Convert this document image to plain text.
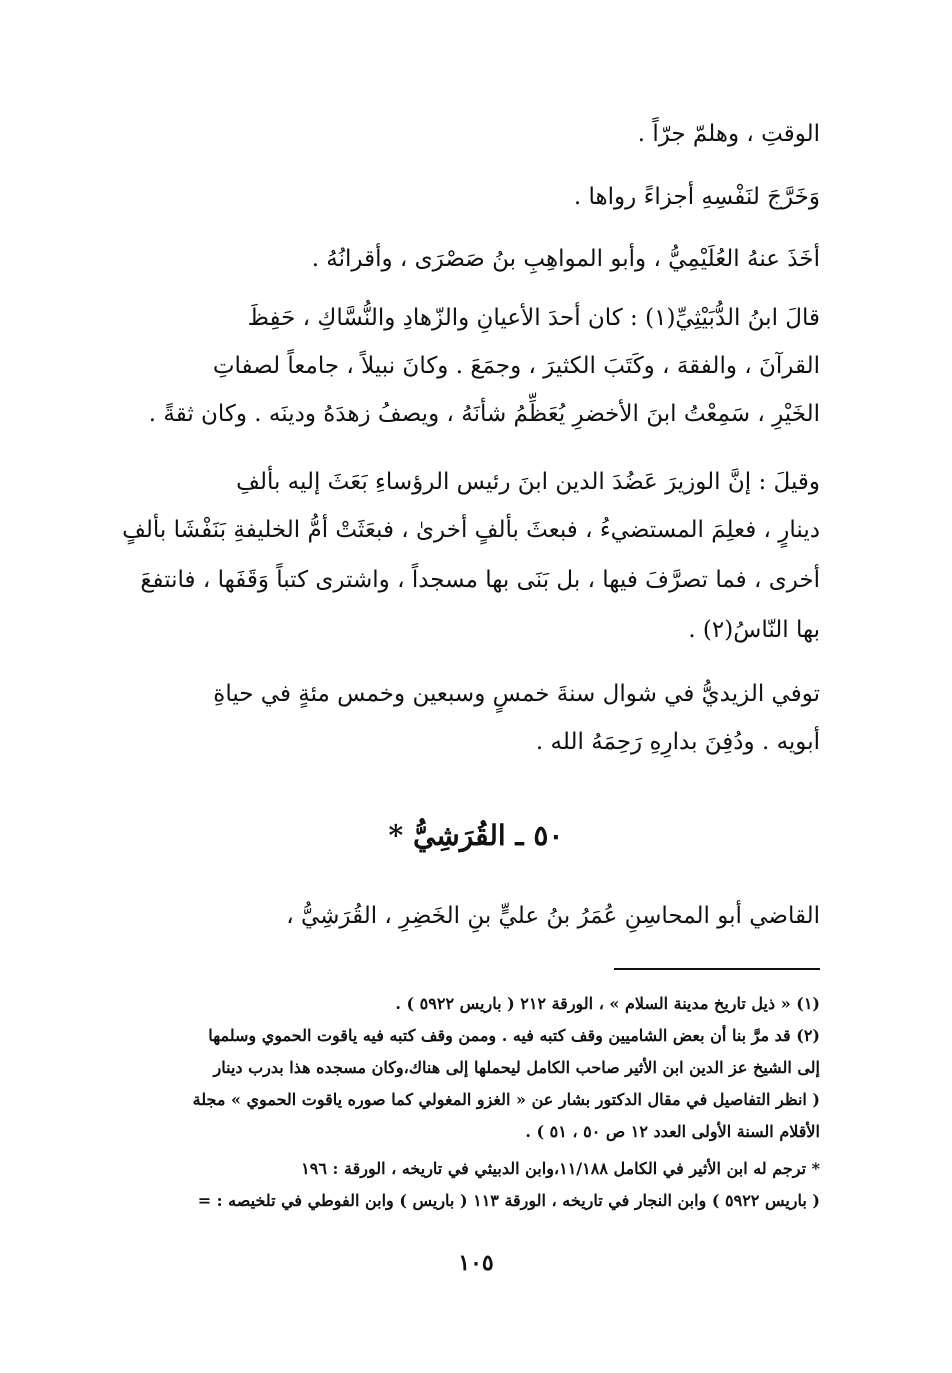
الوقتِ ، وهلمّ جرّاً .
وَخَرَّجَ لنَفْسِهِ أجزاءً رواها .
أخَذَ عنهُ العُلَيْمِيُّ ، وأبو المواهِبِ بنُ صَصْرَى ، وأقرانُهُ .
قالَ ابنُ الدُّبَيْثِيِّ(١) : كان أحدَ الأعيانِ والزّهادِ والنُّسَّاكِ ، حَفِظَ
القرآنَ ، والفقهَ ، وكَتَبَ الكثيرَ ، وجمَعَ . وكانَ نبيلاً ، جامعاً لصفاتِ
الخَيْرِ ، سَمِعْتُ ابنَ الأخضرِ يُعَظِّمُ شأنَهُ ، ويصفُ زهدَهُ ودينَه . وكان ثقةً .
وقيلَ : إنَّ الوزيرَ عَضُدَ الدين ابنَ رئيس الرؤساءِ بَعَثَ إليه بألفِ
دينارٍ ، فعلِمَ المستضيءُ ، فبعثَ بألفٍ أخرىٰ ، فبعَثَتْ أمُّ الخليفةِ بَنَفْشَا بألفٍ
أخرى ، فما تصرَّفَ فيها ، بل بَنَى بها مسجداً ، واشترى كتباً وَقَفَها ، فانتفعَ
بها النّاسُ(٢) .
توفي الزيديُّ في شوال سنةَ خمسٍ وسبعين وخمس مئةٍ في حياةِ
أبويه . ودُفِنَ بدارِهِ رَحِمَهُ الله .
٥٠ ـ القُرَشِيُّ *
القاضي أبو المحاسِنِ عُمَرُ بنُ عليٍّ بنِ الخَضِرِ ، القُرَشِيُّ ،
(١) « ذيل تاريخ مدينة السلام » ، الورقة ٢١٢ ( باريس ٥٩٢٢ ) .
(٢) قد مرَّ بنا أن بعض الشاميين وقف كتبه فيه . وممن وقف كتبه فيه ياقوت الحموي وسلمها
إلى الشيخ عز الدين ابن الأثير صاحب الكامل ليحملها إلى هناك،وكان مسجده هذا بدرب دينار
( انظر التفاصيل في مقال الدكتور بشار عن « الغزو المغولي كما صوره ياقوت الحموي » مجلة
الأقلام السنة الأولى العدد ١٢ ص ٥٠ ، ٥١ ) .
* ترجم له ابن الأثير في الكامل ١١/١٨٨،وابن الدبيثي في تاريخه ، الورقة : ١٩٦
( باريس ٥٩٢٢ ) وابن النجار في تاريخه ، الورقة ١١٣ ( باريس ) وابن الفوطي في تلخيصه : =
١٠٥
